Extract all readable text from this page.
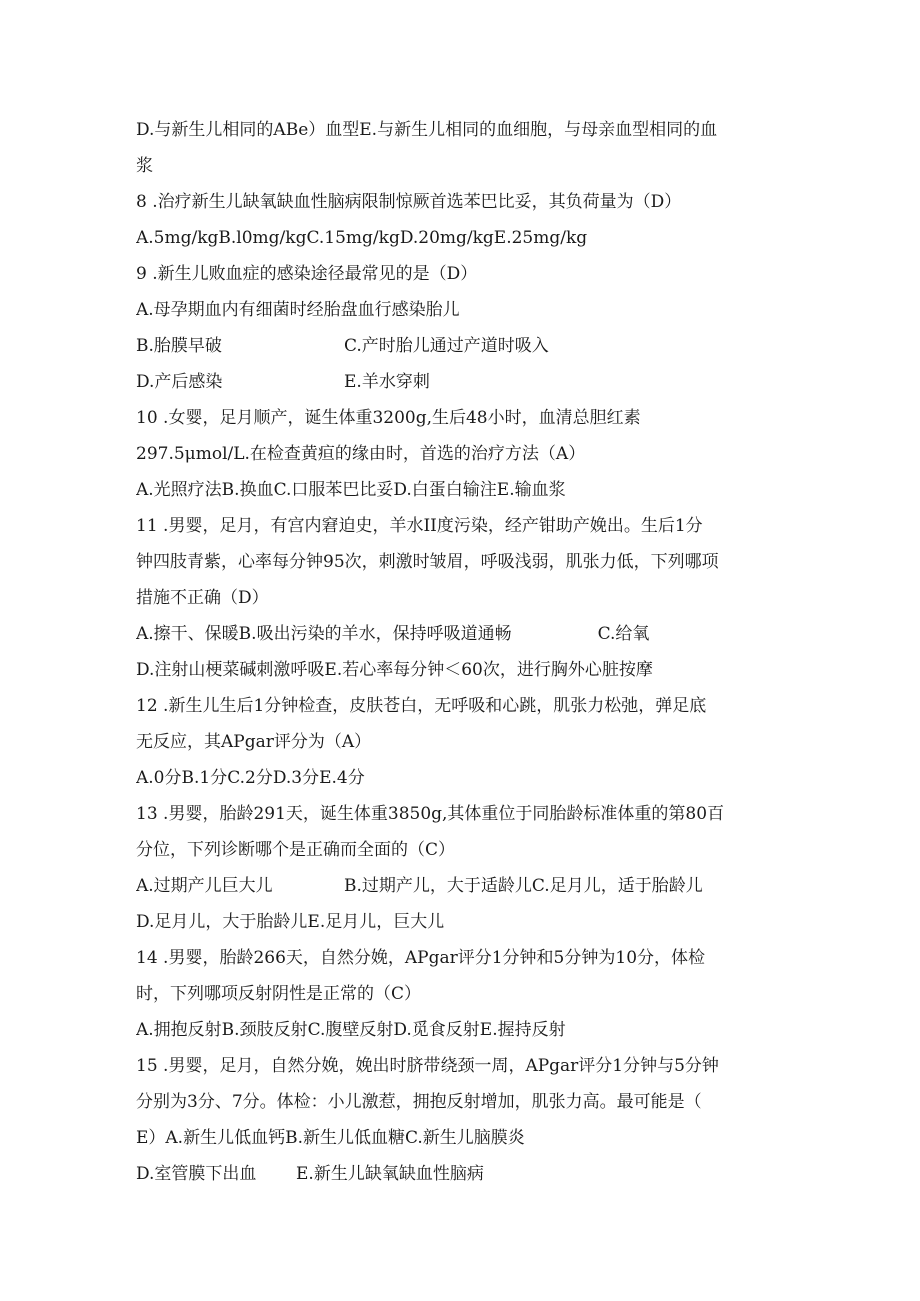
D.与新生儿相同的ABe）血型E.与新生儿相同的血细胞，与母亲血型相同的血
浆
8 .治疗新生儿缺氧缺血性脑病限制惊厥首选苯巴比妥，其负荷量为（D）
A.5mg/kgB.l0mg/kgC.15mg/kgD.20mg/kgE.25mg/kg
9 .新生儿败血症的感染途径最常见的是（D）
A.母孕期血内有细菌时经胎盘血行感染胎儿
B.胎膜早破	C.产时胎儿通过产道时吸入
D.产后感染	E.羊水穿刺
10 .女婴，足月顺产，诞生体重3200g,生后48小时，血清总胆红素
297.5μmol/L.在检查黄疸的缘由时，首选的治疗方法（A）
A.光照疗法B.换血C.口服苯巴比妥D.白蛋白输注E.输血浆
11 .男婴，足月，有宫内窘迫史，羊水II度污染，经产钳助产娩出。生后1分
钟四肢青紫，心率每分钟95次，刺激时皱眉，呼吸浅弱，肌张力低，下列哪项
措施不正确（D）
A.擦干、保暖B.吸出污染的羊水，保持呼吸道通畅	C.给氧
D.注射山梗菜碱刺激呼吸E.若心率每分钟＜60次，进行胸外心脏按摩
12 .新生儿生后1分钟检查，皮肤苍白，无呼吸和心跳，肌张力松弛，弹足底
无反应，其APgar评分为（A）
A.0分B.1分C.2分D.3分E.4分
13 .男婴，胎龄291天，诞生体重3850g,其体重位于同胎龄标准体重的第80百
分位，下列诊断哪个是正确而全面的（C）
A.过期产儿巨大儿	B.过期产儿，大于适龄儿C.足月儿，适于胎龄儿
D.足月儿，大于胎龄儿E.足月儿，巨大儿
14 .男婴，胎龄266天，自然分娩，APgar评分1分钟和5分钟为10分，体检
时，下列哪项反射阴性是正常的（C）
A.拥抱反射B.颈肢反射C.腹壁反射D.觅食反射E.握持反射
15 .男婴，足月，自然分娩，娩出时脐带绕颈一周，APgar评分1分钟与5分钟
分别为3分、7分。体检：小儿激惹，拥抱反射增加，肌张力高。最可能是（
E）A.新生儿低血钙B.新生儿低血糖C.新生儿脑膜炎
D.室管膜下出血 E.新生儿缺氧缺血性脑病
